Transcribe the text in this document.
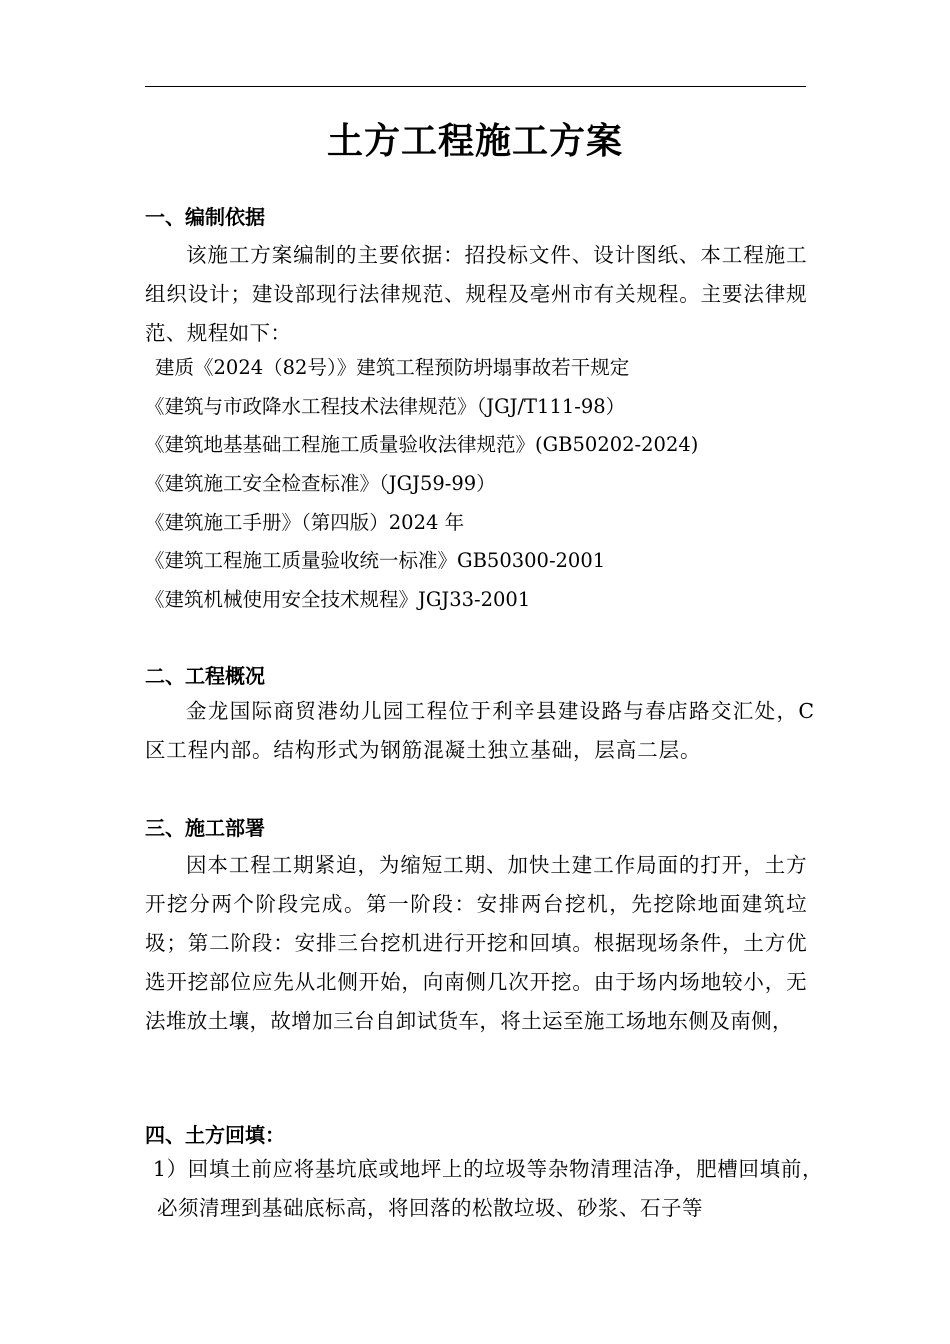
土方工程施工方案
一、编制依据
该施工方案编制的主要依据：招投标文件、设计图纸、本工程施工组织设计；建设部现行法律规范、规程及亳州市有关规程。主要法律规范、规程如下：
建质《2024（82号）》建筑工程预防坍塌事故若干规定
《建筑与市政降水工程技术法律规范》（JGJ/T111-98）
《建筑地基基础工程施工质量验收法律规范》(GB50202-2024)
《建筑施工安全检查标准》（JGJ59-99）
《建筑施工手册》（第四版）2024 年
《建筑工程施工质量验收统一标准》GB50300-2001
《建筑机械使用安全技术规程》JGJ33-2001
二、工程概况
金龙国际商贸港幼儿园工程位于利辛县建设路与春店路交汇处，C区工程内部。结构形式为钢筋混凝土独立基础，层高二层。
三、施工部署
因本工程工期紧迫，为缩短工期、加快土建工作局面的打开，土方开挖分两个阶段完成。第一阶段：安排两台挖机，先挖除地面建筑垃圾；第二阶段：安排三台挖机进行开挖和回填。根据现场条件，土方优选开挖部位应先从北侧开始，向南侧几次开挖。由于场内场地较小，无法堆放土壤，故增加三台自卸试货车，将土运至施工场地东侧及南侧，
四、土方回填：
1）回填土前应将基坑底或地坪上的垃圾等杂物清理洁净，肥槽回填前，必须清理到基础底标高，将回落的松散垃圾、砂浆、石子等
